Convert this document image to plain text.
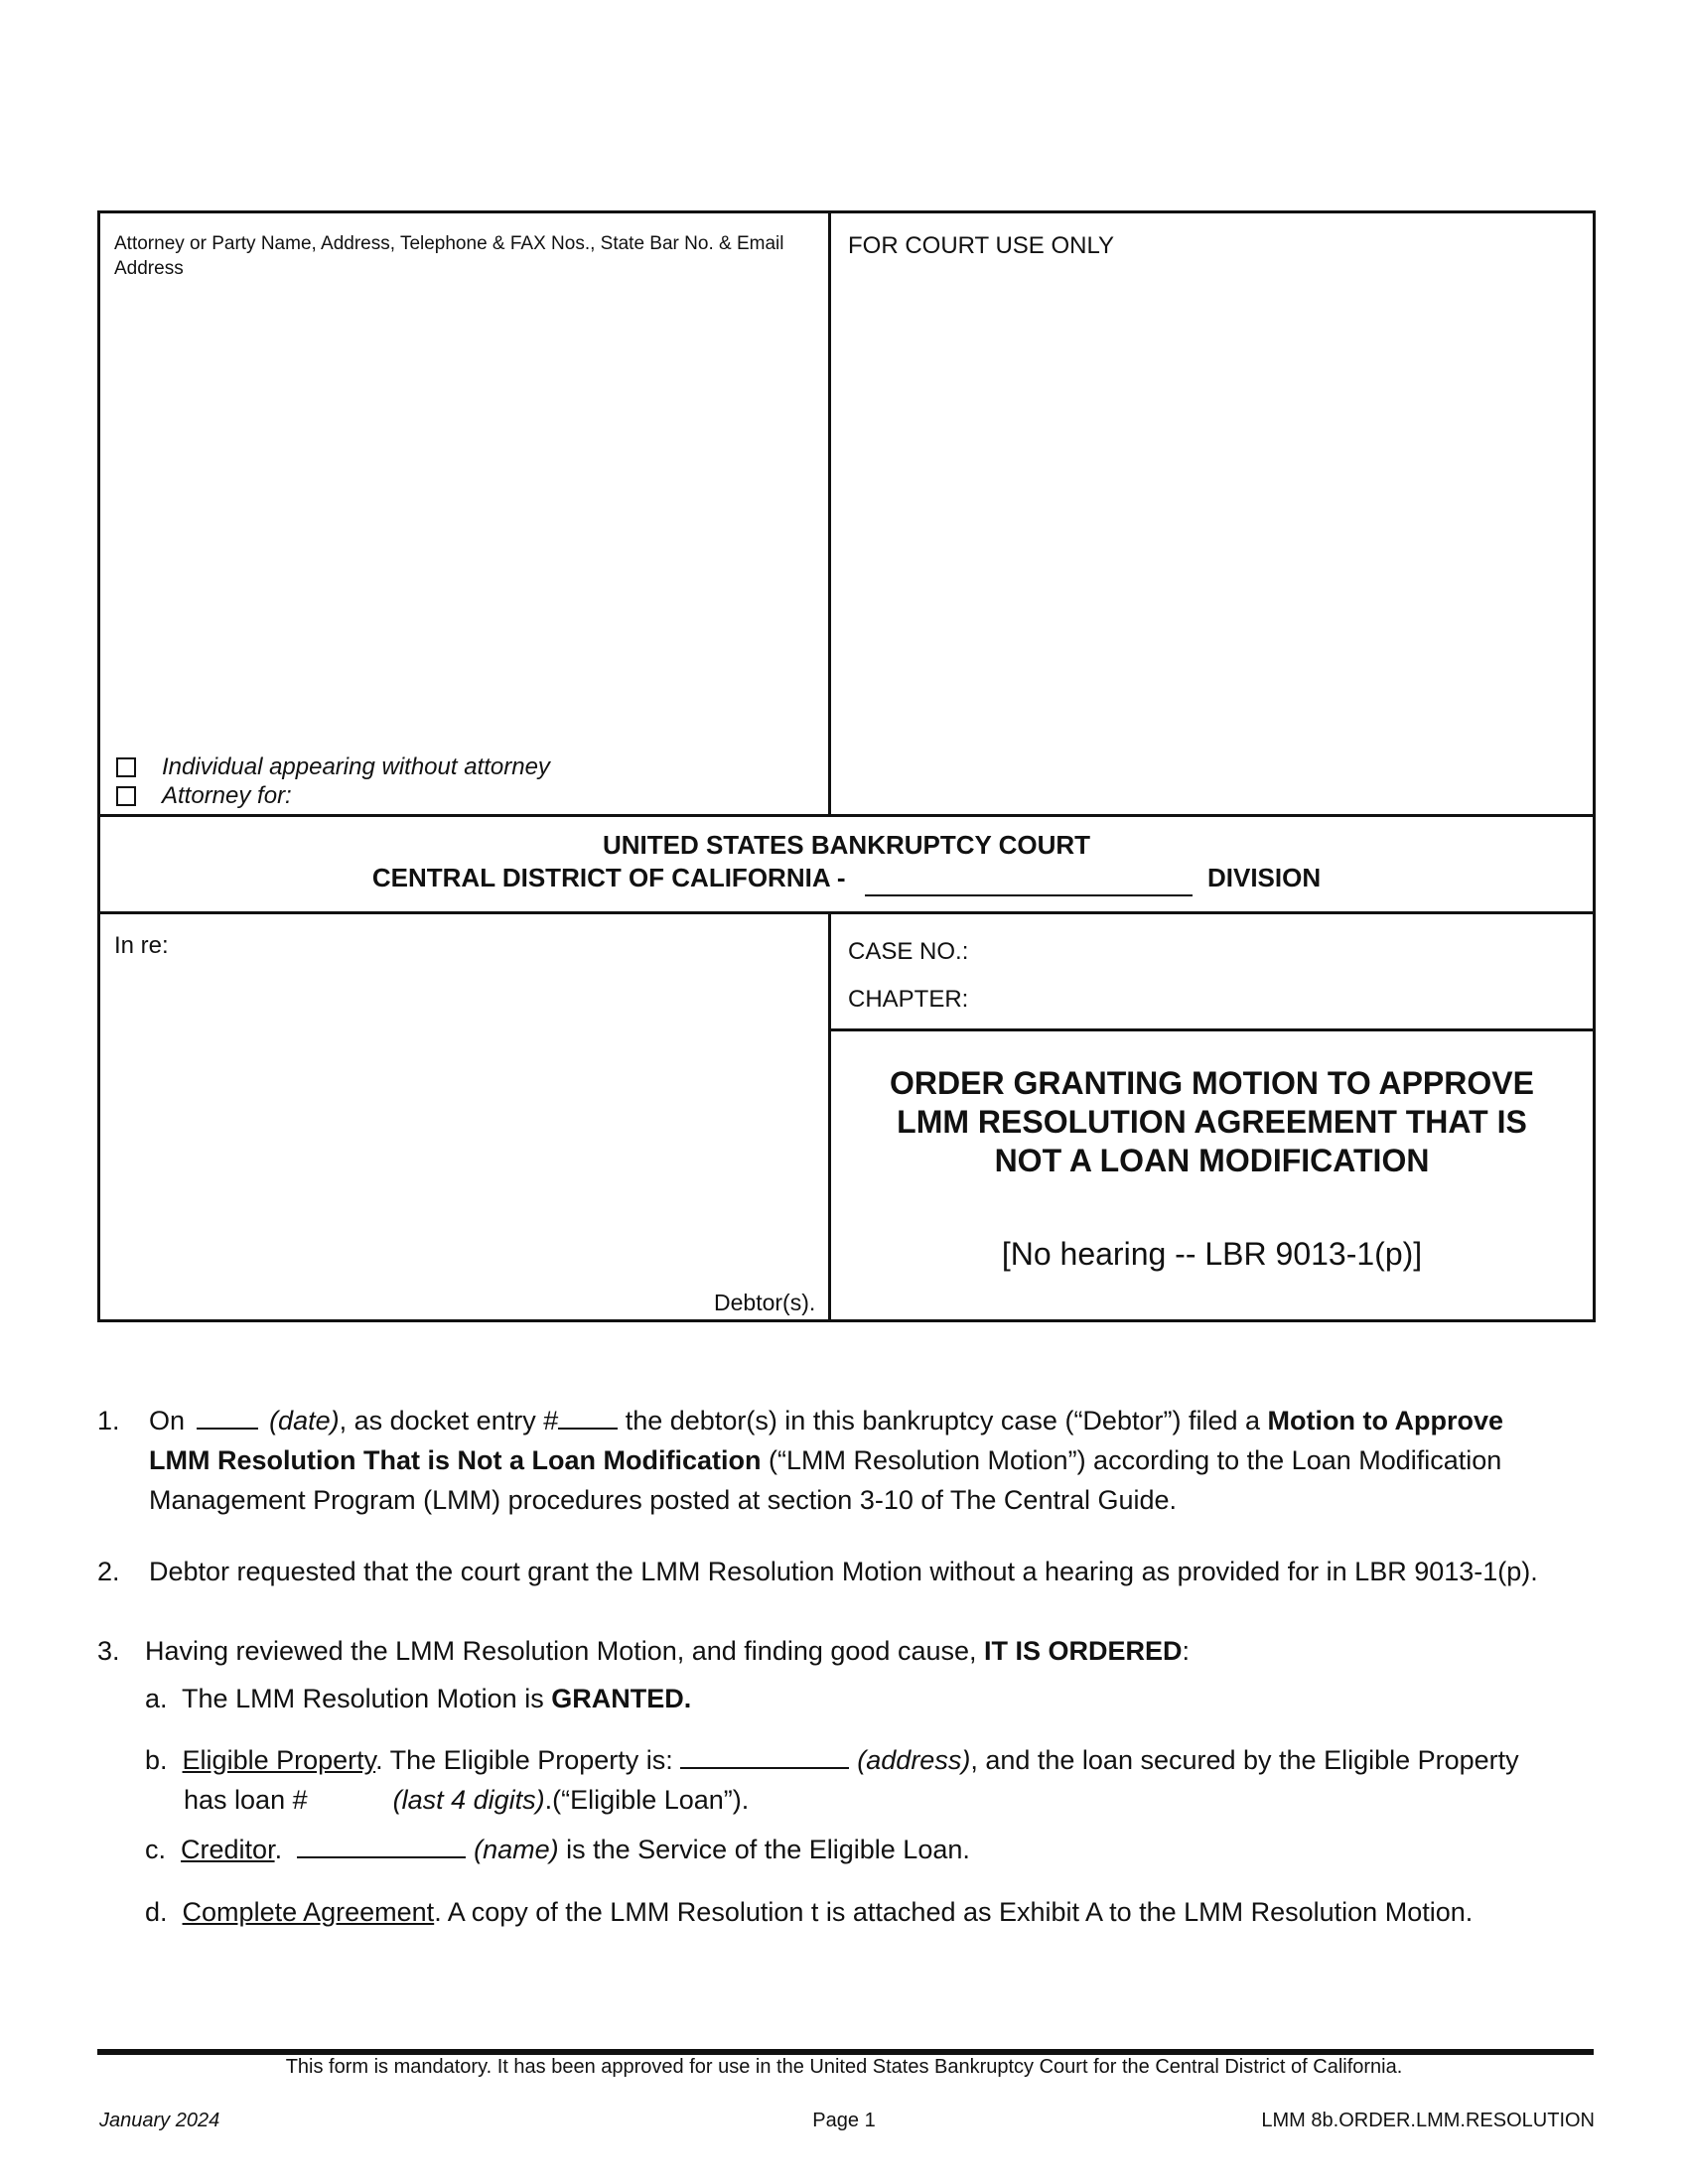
Attorney or Party Name, Address, Telephone & FAX Nos., State Bar No. & Email Address
FOR COURT USE ONLY
Individual appearing without attorney
Attorney for:
UNITED STATES BANKRUPTCY COURT
CENTRAL DISTRICT OF CALIFORNIA -	DIVISION
In re:
Debtor(s).
CASE NO.:
CHAPTER:
ORDER GRANTING MOTION TO APPROVE
LMM RESOLUTION AGREEMENT THAT IS
NOT A LOAN MODIFICATION
[No hearing -- LBR 9013-1(p)]
1. On	(date), as docket entry # the debtor(s) in this bankruptcy case (“Debtor”) filed a Motion to Approve
LMM Resolution That is Not a Loan Modification (“LMM Resolution Motion”) according to the Loan Modification
Management Program (LMM) procedures posted at section 3-10 of The Central Guide.
2. Debtor requested that the court grant the LMM Resolution Motion without a hearing as provided for in LBR 9013-1(p).
3. Having reviewed the LMM Resolution Motion, and finding good cause, IT IS ORDERED:
a. The LMM Resolution Motion is GRANTED.
b. Eligible Property. The Eligible Property is:	(address), and the loan secured by the Eligible Property
has loan #	(last 4 digits).(“Eligible Loan”).
c. Creditor.	(name) is the Service of the Eligible Loan.
d. Complete Agreement. A copy of the LMM Resolution t is attached as Exhibit A to the LMM Resolution Motion.
This form is mandatory. It has been approved for use in the United States Bankruptcy Court for the Central District of California.
January 2024	Page 1	LMM 8b.ORDER.LMM.RESOLUTION
